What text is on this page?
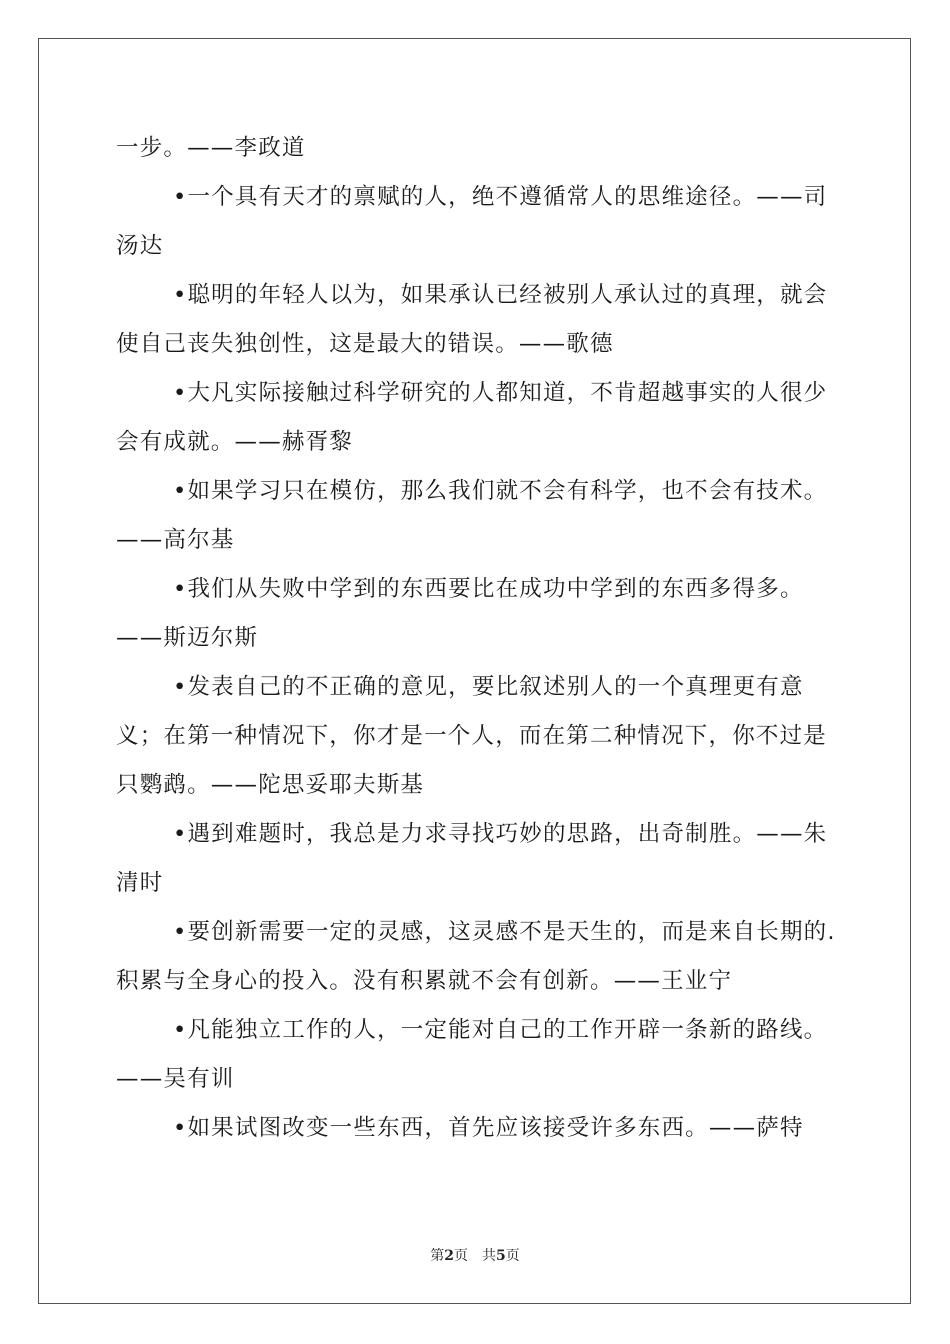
一步。——李政道

•一个具有天才的禀赋的人，绝不遵循常人的思维途径。——司汤达

•聪明的年轻人以为，如果承认已经被别人承认过的真理，就会使自己丧失独创性，这是最大的错误。——歌德

•大凡实际接触过科学研究的人都知道，不肯超越事实的人很少会有成就。——赫胥黎

•如果学习只在模仿，那么我们就不会有科学，也不会有技术。——高尔基

•我们从失败中学到的东西要比在成功中学到的东西多得多。——斯迈尔斯

•发表自己的不正确的意见，要比叙述别人的一个真理更有意义；在第一种情况下，你才是一个人，而在第二种情况下，你不过是只鹦鹉。——陀思妥耶夫斯基

•遇到难题时，我总是力求寻找巧妙的思路，出奇制胜。——朱清时

•要创新需要一定的灵感，这灵感不是天生的，而是来自长期的.积累与全身心的投入。没有积累就不会有创新。——王业宁

•凡能独立工作的人，一定能对自己的工作开辟一条新的路线。——吴有训

•如果试图改变一些东西，首先应该接受许多东西。——萨特

第2页 共5页
